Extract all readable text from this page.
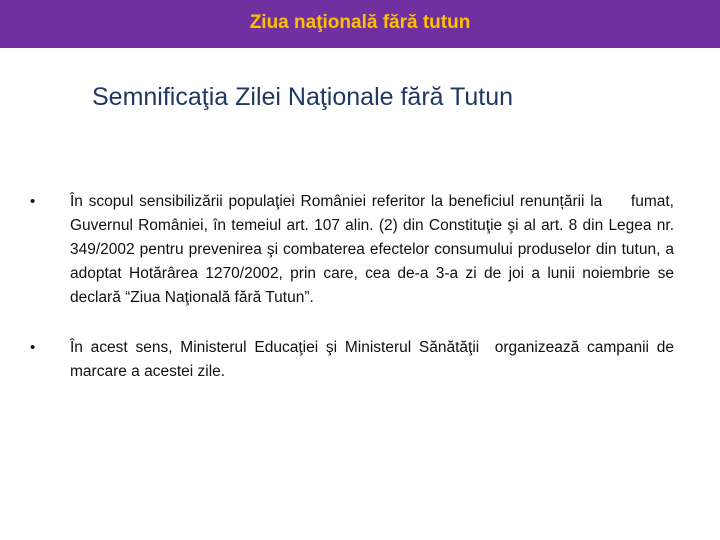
Ziua naţională fără tutun
Semnificaţia Zilei Naţionale fără Tutun
•	În scopul sensibilizării populaţiei României referitor la beneficiul renunțării la     fumat, Guvernul României, în temeiul art. 107 alin. (2) din Constituţie şi al art. 8 din Legea nr. 349/2002 pentru prevenirea şi combaterea efectelor consumului produselor din tutun, a adoptat Hotărârea 1270/2002, prin care, cea de-a 3-a zi de joi a lunii noiembrie se declară “Ziua Naţională fără Tutun”.
•	În acest sens, Ministerul Educaţiei şi Ministerul Sănătăţii  organizează campanii de marcare a acestei zile.
